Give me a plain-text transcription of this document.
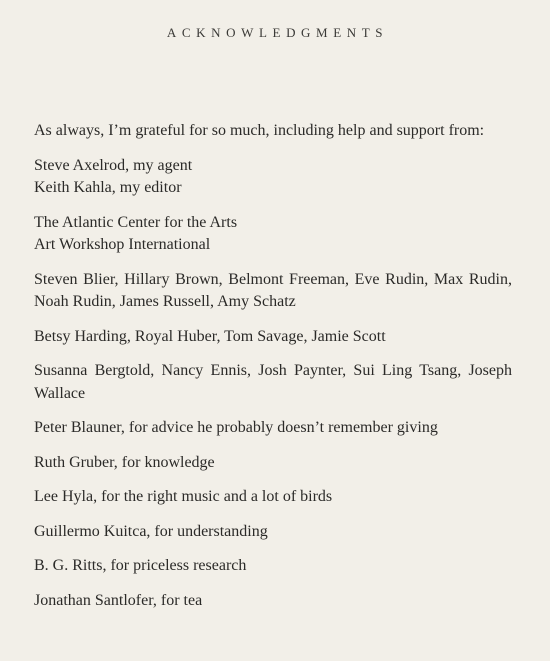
ACKNOWLEDGMENTS

As always, I’m grateful for so much, including help and support from:

Steve Axelrod, my agent
Keith Kahla, my editor

The Atlantic Center for the Arts
Art Workshop International

Steven Blier, Hillary Brown, Belmont Freeman, Eve Rudin, Max Rudin, Noah Rudin, James Russell, Amy Schatz

Betsy Harding, Royal Huber, Tom Savage, Jamie Scott

Susanna Bergtold, Nancy Ennis, Josh Paynter, Sui Ling Tsang, Joseph Wallace

Peter Blauner, for advice he probably doesn’t remember giving

Ruth Gruber, for knowledge

Lee Hyla, for the right music and a lot of birds

Guillermo Kuitca, for understanding

B. G. Ritts, for priceless research

Jonathan Santlofer, for tea
